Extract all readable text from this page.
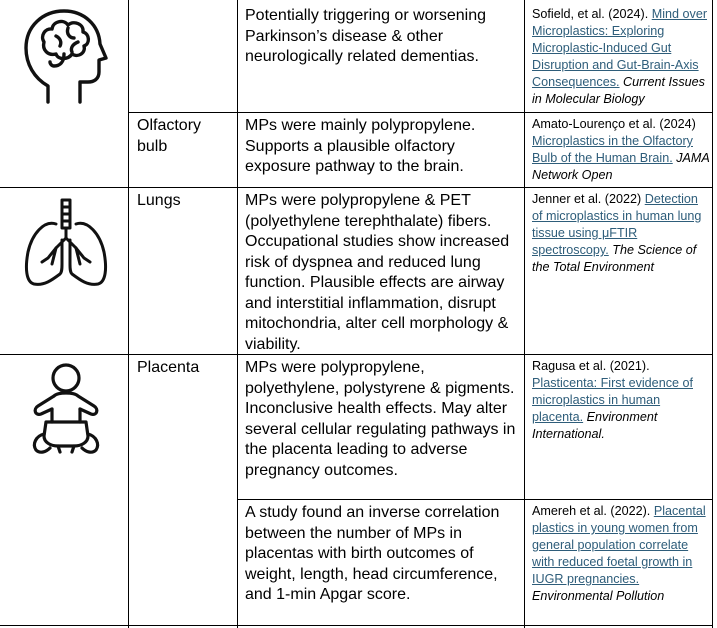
Potentially triggering or worsening Parkinson’s disease & other neurologically related dementias.
Sofield, et al. (2024). Mind over Microplastics: Exploring Microplastic-Induced Gut Disruption and Gut-Brain-Axis Consequences. Current Issues in Molecular Biology
Olfactory bulb
MPs were mainly polypropylene. Supports a plausible olfactory exposure pathway to the brain.
Amato-Lourenço et al. (2024) Microplastics in the Olfactory Bulb of the Human Brain. JAMA Network Open
Lungs	MPs were polypropylene & PET (polyethylene terephthalate) fibers. Occupational studies show increased risk of dyspnea and reduced lung function. Plausible effects are airway and interstitial inflammation, disrupt mitochondria, alter cell morphology & viability.
Jenner et al. (2022) Detection of microplastics in human lung tissue using μFTIR spectroscopy. The Science of the Total Environment
Placenta	MPs were polypropylene, polyethylene, polystyrene & pigments. Inconclusive health effects. May alter several cellular regulating pathways in the placenta leading to adverse pregnancy outcomes.
Ragusa et al. (2021). Plasticenta: First evidence of microplastics in human placenta. Environment International.
A study found an inverse correlation between the number of MPs in placentas with birth outcomes of weight, length, head circumference, and 1-min Apgar score.
Amereh et al. (2022). Placental plastics in young women from general population correlate with reduced foetal growth in IUGR pregnancies. Environmental Pollution
